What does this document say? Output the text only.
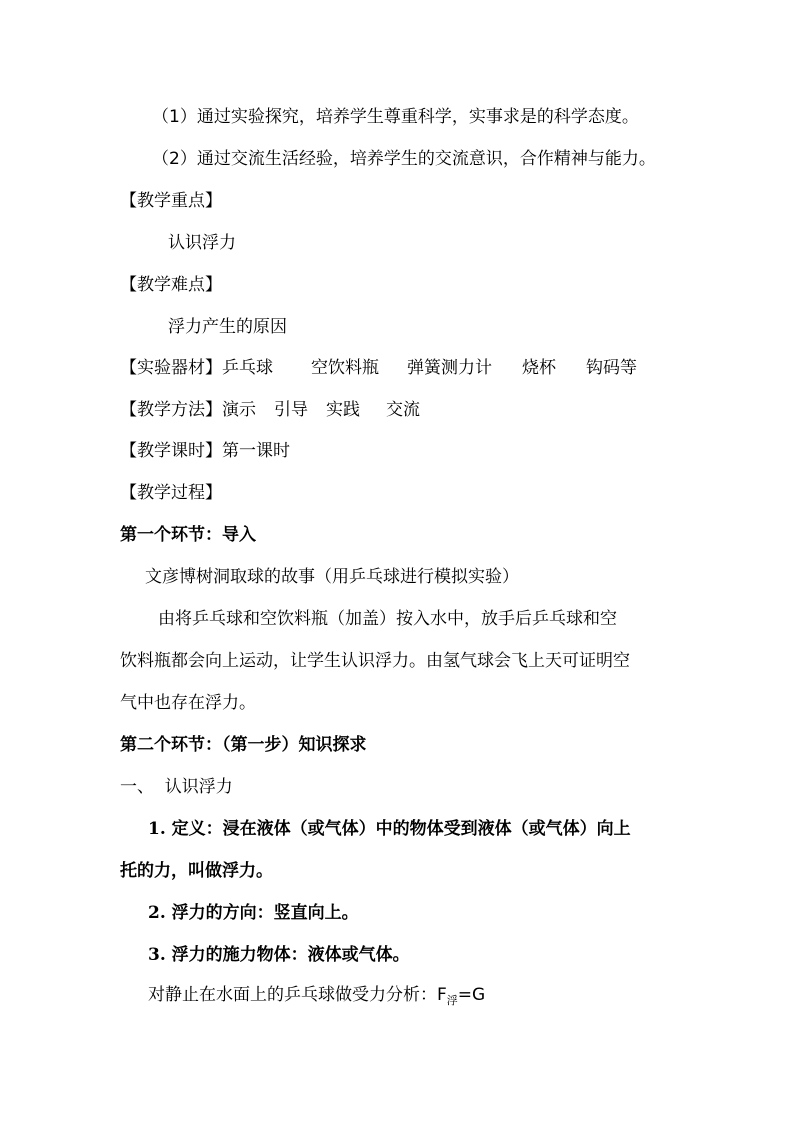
（1）通过实验探究，培养学生尊重科学，实事求是的科学态度。
（2）通过交流生活经验，培养学生的交流意识，合作精神与能力。
【教学重点】
认识浮力
【教学难点】
浮力产生的原因
【实验器材】乒乓球 空饮料瓶 弹簧测力计 烧杯 钩码等
【教学方法】演示 引导 实践 交流
【教学课时】第一课时
【教学过程】
第一个环节：导入
文彦博树洞取球的故事（用乒乓球进行模拟实验）
由将乒乓球和空饮料瓶（加盖）按入水中，放手后乒乓球和空
饮料瓶都会向上运动，让学生认识浮力。由氢气球会飞上天可证明空
气中也存在浮力。
第二个环节：（第一步）知识探求
一、  认识浮力
1. 定义：浸在液体（或气体）中的物体受到液体（或气体）向上
托的力，叫做浮力。
2. 浮力的方向：竖直向上。
3. 浮力的施力物体：液体或气体。
对静止在水面上的乒乓球做受力分析：$F_浮=G$
